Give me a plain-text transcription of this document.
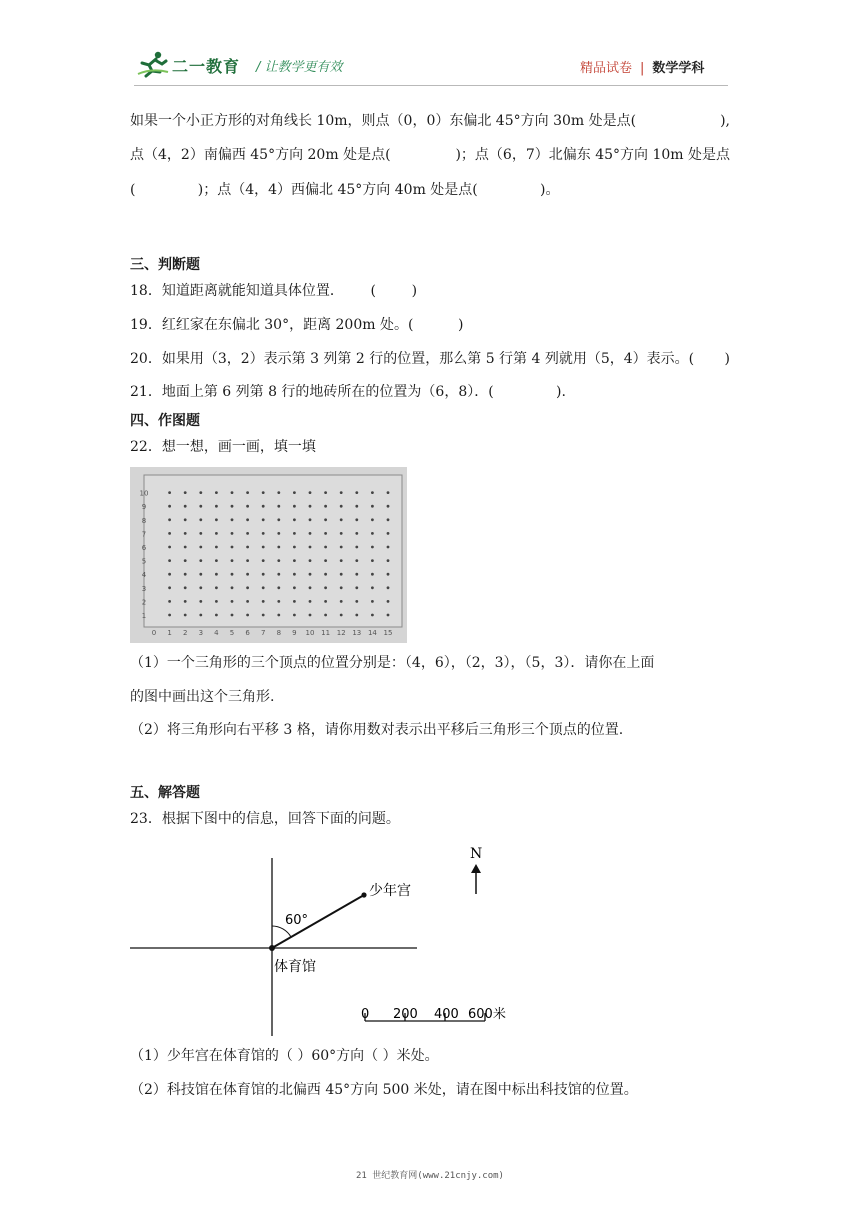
二一教育 / 让教学更有效	精品试卷 | 数学学科
如果一个小正方形的对角线长 10m，则点（0，0）东偏北 45°方向 30m 处是点(	),
点（4，2）南偏西 45°方向 20m 处是点(	)；点（6，7）北偏东 45°方向 10m 处是点
(              )；点（4，4）西偏北 45°方向 40m 处是点(              )。
三、判断题
18．知道距离就能知道具体位置．      (        )
19．红红家在东偏北 30°，距离 200m 处。(          )
20．如果用（3，2）表示第 3 列第 2 行的位置，那么第 5 行第 4 列就用（5，4）表示。( )
21．地面上第 6 列第 8 行的地砖所在的位置为（6，8）．(              ).
四、作图题
22．想一想，画一画，填一填
10
9
8
7
6
5
4
3
2
1
0 1 2 3 4 5 6 7 8 9 10 11 12 13 14 15
（1）一个三角形的三个顶点的位置分别是：（4，6），（2，3），（5，3）．请你在上面
的图中画出这个三角形.
（2）将三角形向右平移 3 格，请你用数对表示出平移后三角形三个顶点的位置.
五、解答题
23．根据下图中的信息，回答下面的问题。
60°
少年宫
体育馆
N
0 200 400 600米
（1）少年宫在体育馆的（ ）60°方向（ ）米处。
（2）科技馆在体育馆的北偏西 45°方向 500 米处，请在图中标出科技馆的位置。
21 世纪教育网(www.21cnjy.com)
